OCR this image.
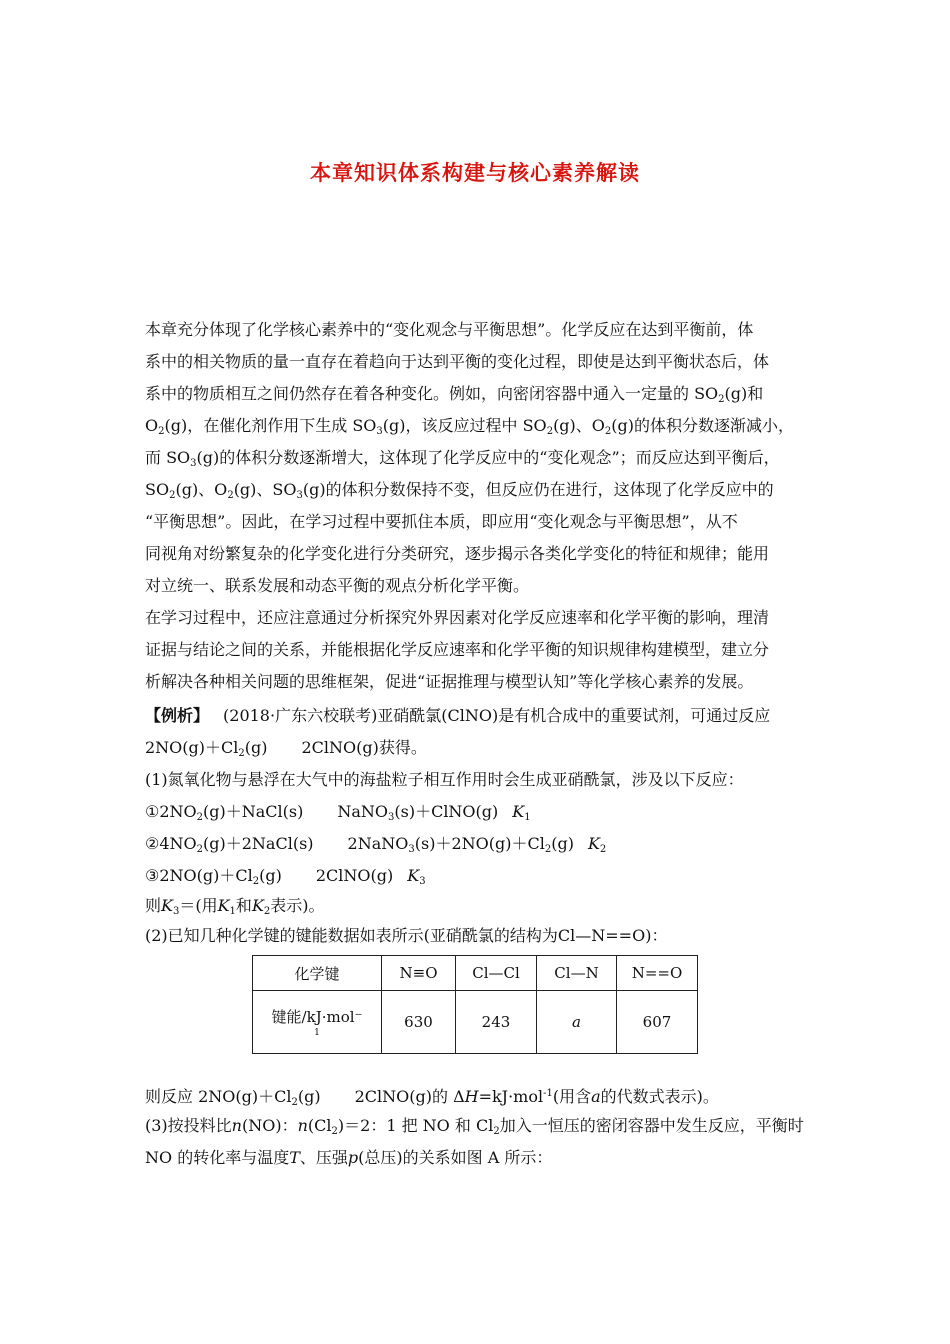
本章知识体系构建与核心素养解读
本章充分体现了化学核心素养中的“变化观念与平衡思想”。化学反应在达到平衡前，体
系中的相关物质的量一直存在着趋向于达到平衡的变化过程，即使是达到平衡状态后，体
系中的物质相互之间仍然存在着各种变化。例如，向密闭容器中通入一定量的 $SO_2(g)$和
$O_2(g)$，在催化剂作用下生成 $SO_3(g)$，该反应过程中 $SO_2(g)$、$O_2(g)$的体积分数逐渐减小，
而 $SO_3(g)$的体积分数逐渐增大，这体现了化学反应中的“变化观念”；而反应达到平衡后，
$SO_2(g)$、$O_2(g)$、$SO_3(g)$的体积分数保持不变，但反应仍在进行，这体现了化学反应中的
“平衡思想”。因此，在学习过程中要抓住本质，即应用“变化观念与平衡思想”，从不
同视角对纷繁复杂的化学变化进行分类研究，逐步揭示各类化学变化的特征和规律；能用
对立统一、联系发展和动态平衡的观点分析化学平衡。
在学习过程中，还应注意通过分析探究外界因素对化学反应速率和化学平衡的影响，理清
证据与结论之间的关系，并能根据化学反应速率和化学平衡的知识规律构建模型，建立分
析解决各种相关问题的思维框架，促进“证据推理与模型认知”等化学核心素养的发展。
【例析】 (2018·广东六校联考)亚硝酰氯(ClNO)是有机合成中的重要试剂，可通过反应
$2NO(g)+Cl_2(g)$ 2ClNO(g)获得。
(1)氮氧化物与悬浮在大气中的海盐粒子相互作用时会生成亚硝酰氯，涉及以下反应：
$①2NO_2(g)+NaCl(s)$ NaNO$_3$(s)＋ClNO(g) $K_1$
$②4NO_2(g)+2NaCl(s)$ $2NaNO_3(s)+2NO(g)+Cl_2(g)$ $K_2$
$③2NO(g)+Cl_2(g)$ 2ClNO(g) $K_3$
则$K_3=$(用$K_1$和$K_2$表示)。
(2)已知几种化学键的键能数据如表所示(亚硝酰氯的结构为Cl—N==O)：
化学键	N≡O	Cl—Cl	Cl—N	N==O
键能/kJ·mol⁻
1	630	243	a	607
则反应 $2NO(g)+Cl_2(g)$ 2ClNO(g)的 ΔH=kJ·mol$^{-1}$(用含a的代数式表示)。
(3)按投料比n(NO)：$n(Cl_2)=2$：1 把 NO 和 $Cl_2$加入一恒压的密闭容器中发生反应，平衡时
NO 的转化率与温度T、压强p(总压)的关系如图 A 所示：
